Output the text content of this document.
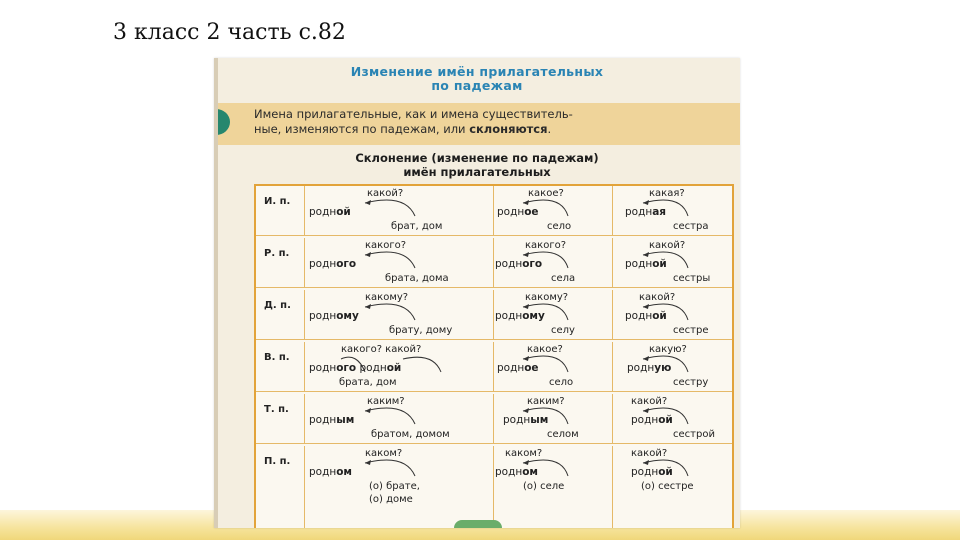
3 класс 2 часть с.82
Изменение имён прилагательных
по падежам
Имена прилагательные, как и имена существитель-
ные, изменяются по падежам, или склоняются.
Склонение (изменение по падежам)
имён прилагательных
И. п.
какой?
родной
брат, дом
какое?
родное
село
какая?
родная
сестра
Р. п.
какого?
родного
брата, дома
какого?
родного
села
какой?
родной
сестры
Д. п.
какому?
родному
брату, дому
какому?
родному
селу
какой?
родной
сестре
В. п.
какого? какой?
родного родной
брата, дом
какое?
родное
село
какую?
родную
сестру
Т. п.
каким?
родным
братом, домом
каким?
родным
селом
какой?
родной
сестрой
П. п.
каком?
родном
(о) брате,
(о) доме
каком?
родном
(о) селе
какой?
родной
(о) сестре
